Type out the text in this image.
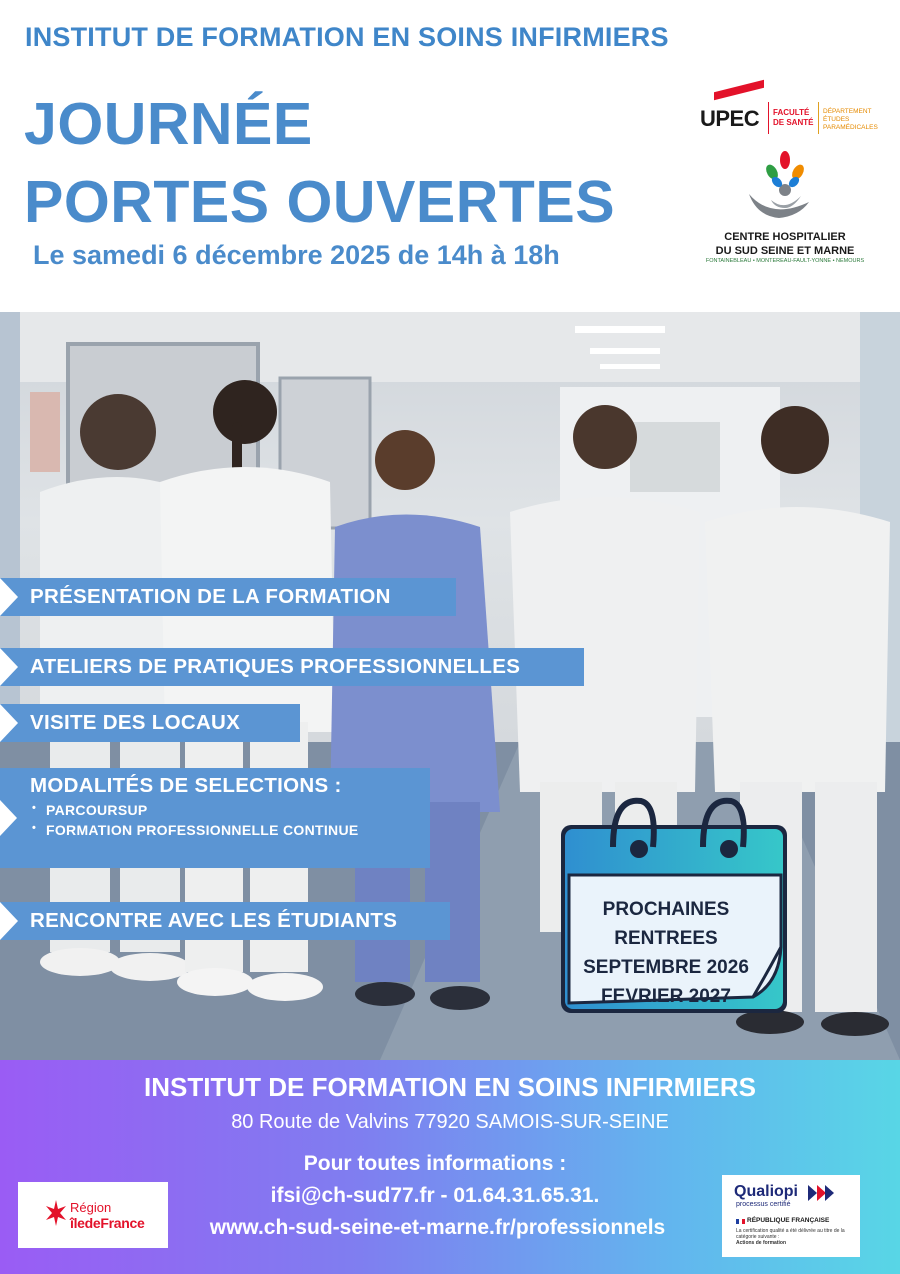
INSTITUT DE FORMATION EN SOINS INFIRMIERS
JOURNÉE
PORTES OUVERTES
Le samedi 6 décembre 2025 de 14h à 18h
UPEC FACULTÉ
DE SANTÉ
DÉPARTEMENT
ÉTUDES
PARAMÉDICALES
CENTRE HOSPITALIER
DU SUD SEINE ET MARNE
FONTAINEBLEAU • MONTEREAU-FAULT-YONNE • NEMOURS
PRÉSENTATION DE LA FORMATION
ATELIERS DE PRATIQUES PROFESSIONNELLES
VISITE DES LOCAUX
MODALITÉS DE SELECTIONS :
• PARCOURSUP
• FORMATION PROFESSIONNELLE CONTINUE
RENCONTRE AVEC LES ÉTUDIANTS	PROCHAINES
RENTREES
SEPTEMBRE 2026
FEVRIER 2027
INSTITUT DE FORMATION EN SOINS INFIRMIERS
80 Route de Valvins 77920 SAMOIS-SUR-SEINE
Pour toutes informations :
ifsi@ch-sud77.fr - 01.64.31.65.31.
www.ch-sud-seine-et-marne.fr/professionnels
Région
îledeFrance
Qualiopi
processus certifié
RÉPUBLIQUE FRANÇAISE
La certification qualité a été délivrée au titre de la catégorie suivante :
Actions de formation
